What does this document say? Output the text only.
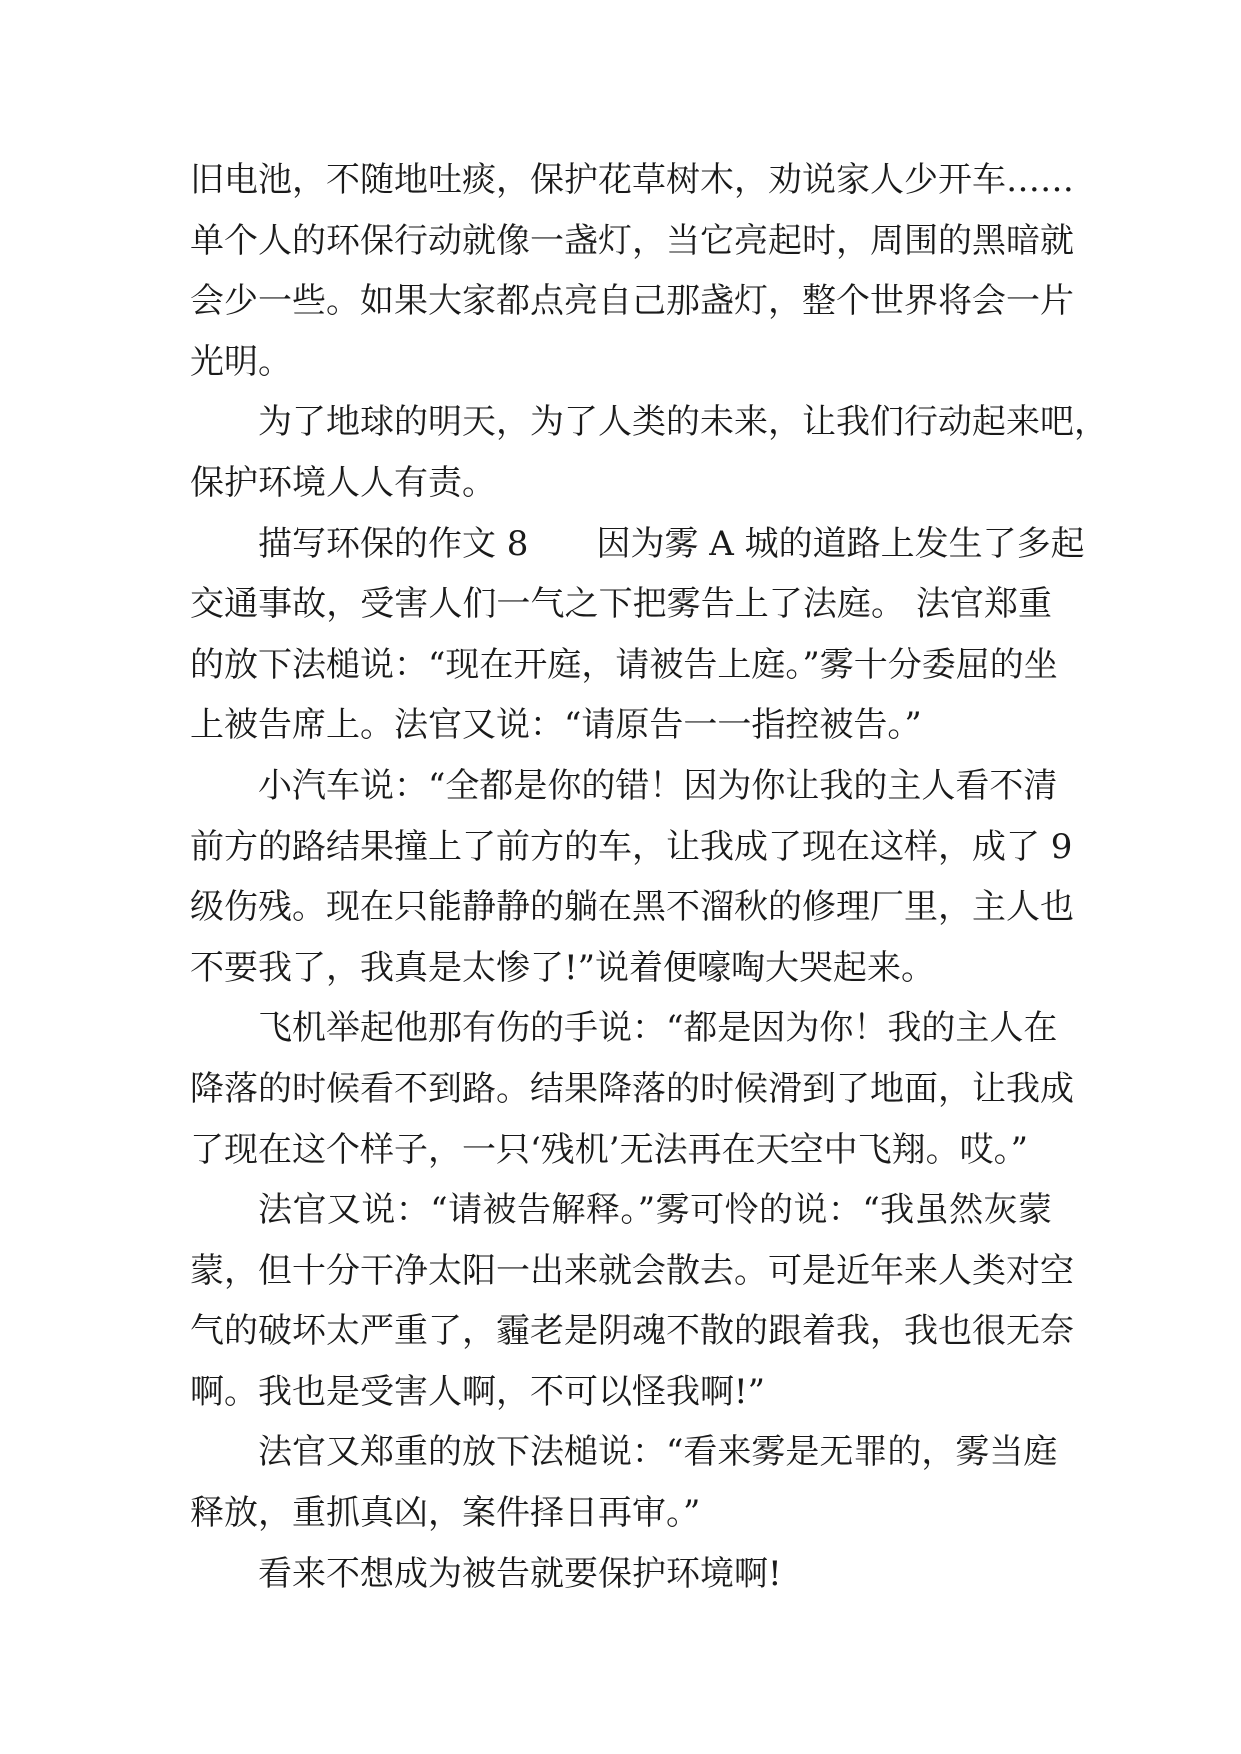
旧电池，不随地吐痰，保护花草树木，劝说家人少开车……
单个人的环保行动就像一盏灯，当它亮起时，周围的黑暗就
会少一些。如果大家都点亮自己那盏灯，整个世界将会一片
光明。
为了地球的明天，为了人类的未来，让我们行动起来吧，
保护环境人人有责。
描写环保的作文 8 因为雾 A 城的道路上发生了多起
交通事故，受害人们一气之下把雾告上了法庭。 法官郑重
的放下法槌说：“现在开庭，请被告上庭。”雾十分委屈的坐
上被告席上。法官又说：“请原告一一指控被告。”
小汽车说：“全都是你的错！因为你让我的主人看不清
前方的路结果撞上了前方的车，让我成了现在这样，成了 9
级伤残。现在只能静静的躺在黑不溜秋的修理厂里，主人也
不要我了，我真是太惨了!”说着便嚎啕大哭起来。
飞机举起他那有伤的手说：“都是因为你！我的主人在
降落的时候看不到路。结果降落的时候滑到了地面，让我成
了现在这个样子，一只‘残机’无法再在天空中飞翔。哎。”
法官又说：“请被告解释。”雾可怜的说：“我虽然灰蒙
蒙，但十分干净太阳一出来就会散去。可是近年来人类对空
气的破坏太严重了，霾老是阴魂不散的跟着我，我也很无奈
啊。我也是受害人啊，不可以怪我啊!”
法官又郑重的放下法槌说：“看来雾是无罪的，雾当庭
释放，重抓真凶，案件择日再审。”
看来不想成为被告就要保护环境啊!
